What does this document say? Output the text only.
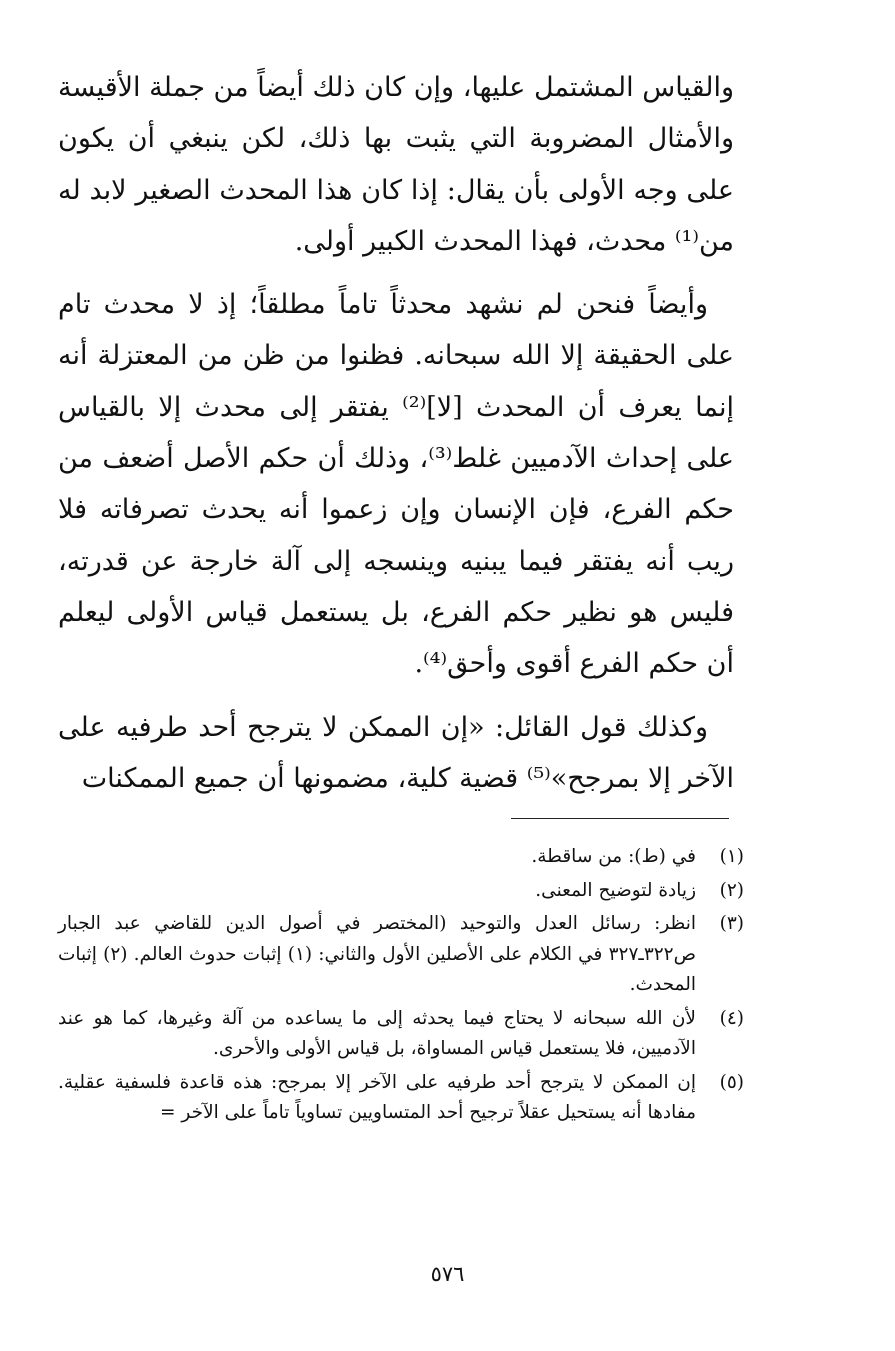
والقياس المشتمل عليها، وإن كان ذلك أيضاً من جملة الأقيسة والأمثال المضروبة التي يثبت بها ذلك، لكن ينبغي أن يكون على وجه الأولى بأن يقال: إذا كان هذا المحدث الصغير لابد له من⁽¹⁾ محدث، فهذا المحدث الكبير أولى.

وأيضاً فنحن لم نشهد محدثاً تاماً مطلقاً؛ إذ لا محدث تام على الحقيقة إلا الله سبحانه. فظنوا من ظن من المعتزلة أنه إنما يعرف أن المحدث [لا]⁽²⁾ يفتقر إلى محدث إلا بالقياس على إحداث الآدميين غلط⁽³⁾، وذلك أن حكم الأصل أضعف من حكم الفرع، فإن الإنسان وإن زعموا أنه يحدث تصرفاته فلا ريب أنه يفتقر فيما يبنيه وينسجه إلى آلة خارجة عن قدرته، فليس هو نظير حكم الفرع، بل يستعمل قياس الأولى ليعلم أن حكم الفرع أقوى وأحق⁽⁴⁾.

وكذلك قول القائل: «إن الممكن لا يترجح أحد طرفيه على الآخر إلا بمرجح»⁽⁵⁾ قضية كلية، مضمونها أن جميع الممكنات

(١)
في (ط): من ساقطة.
(٢)
زيادة لتوضيح المعنى.
(٣)
انظر: رسائل العدل والتوحيد (المختصر في أصول الدين للقاضي عبد الجبار ص٣٢٢ـ٣٢٧ في الكلام على الأصلين الأول والثاني: (١) إثبات حدوث العالم. (٢) إثبات المحدث.
(٤)
لأن الله سبحانه لا يحتاج فيما يحدثه إلى ما يساعده من آلة وغيرها، كما هو عند الآدميين، فلا يستعمل قياس المساواة، بل قياس الأولى والأحرى.
(٥)
إن الممكن لا يترجح أحد طرفيه على الآخر إلا بمرجح: هذه قاعدة فلسفية عقلية. مفادها أنه يستحيل عقلاً ترجيح أحد المتساويين تساوياً تاماً على الآخر =
٥٧٦
